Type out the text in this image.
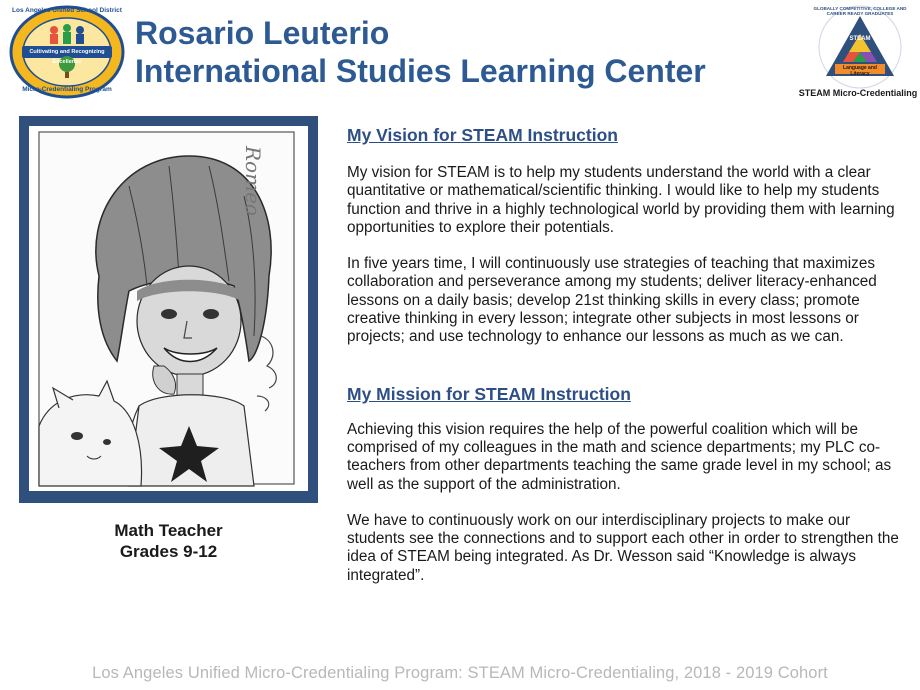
Los Angeles Unified School District
Cultivating and Recognizing Excellence
Micro-Credentialing Program
Rosario Leuterio
International Studies Learning Center
GLOBALLY COMPETITIVE, COLLEGE AND CAREER READY GRADUATES
STEAM
Language and Literacy
STEAM Micro-Credentialing
Romeo
Math Teacher
Grades 9-12
My Vision for STEAM Instruction
My vision for STEAM is to help my students understand the world with a clear quantitative or mathematical/scientific thinking. I would like to help my students function and thrive in a highly technological world by providing them with learning opportunities to explore their potentials.
In five years time, I will continuously use strategies of teaching that maximizes collaboration and perseverance among my students; deliver literacy-enhanced lessons on a daily basis; develop 21st thinking skills in every class; promote creative thinking in every lesson; integrate other subjects in most lessons or projects; and use technology to enhance our lessons as much as we can.
My Mission for STEAM Instruction
Achieving this vision requires the help of the powerful coalition which will be comprised of my colleagues in the math and science departments; my PLC co-teachers from other departments teaching the same grade level in my school; as well as the support of the administration.
We have to continuously work on our interdisciplinary projects to make our students see the connections and to support each other in order to strengthen the idea of STEAM being integrated. As Dr. Wesson said “Knowledge is always integrated”.
Los Angeles Unified Micro-Credentialing Program: STEAM Micro-Credentialing, 2018 - 2019 Cohort
